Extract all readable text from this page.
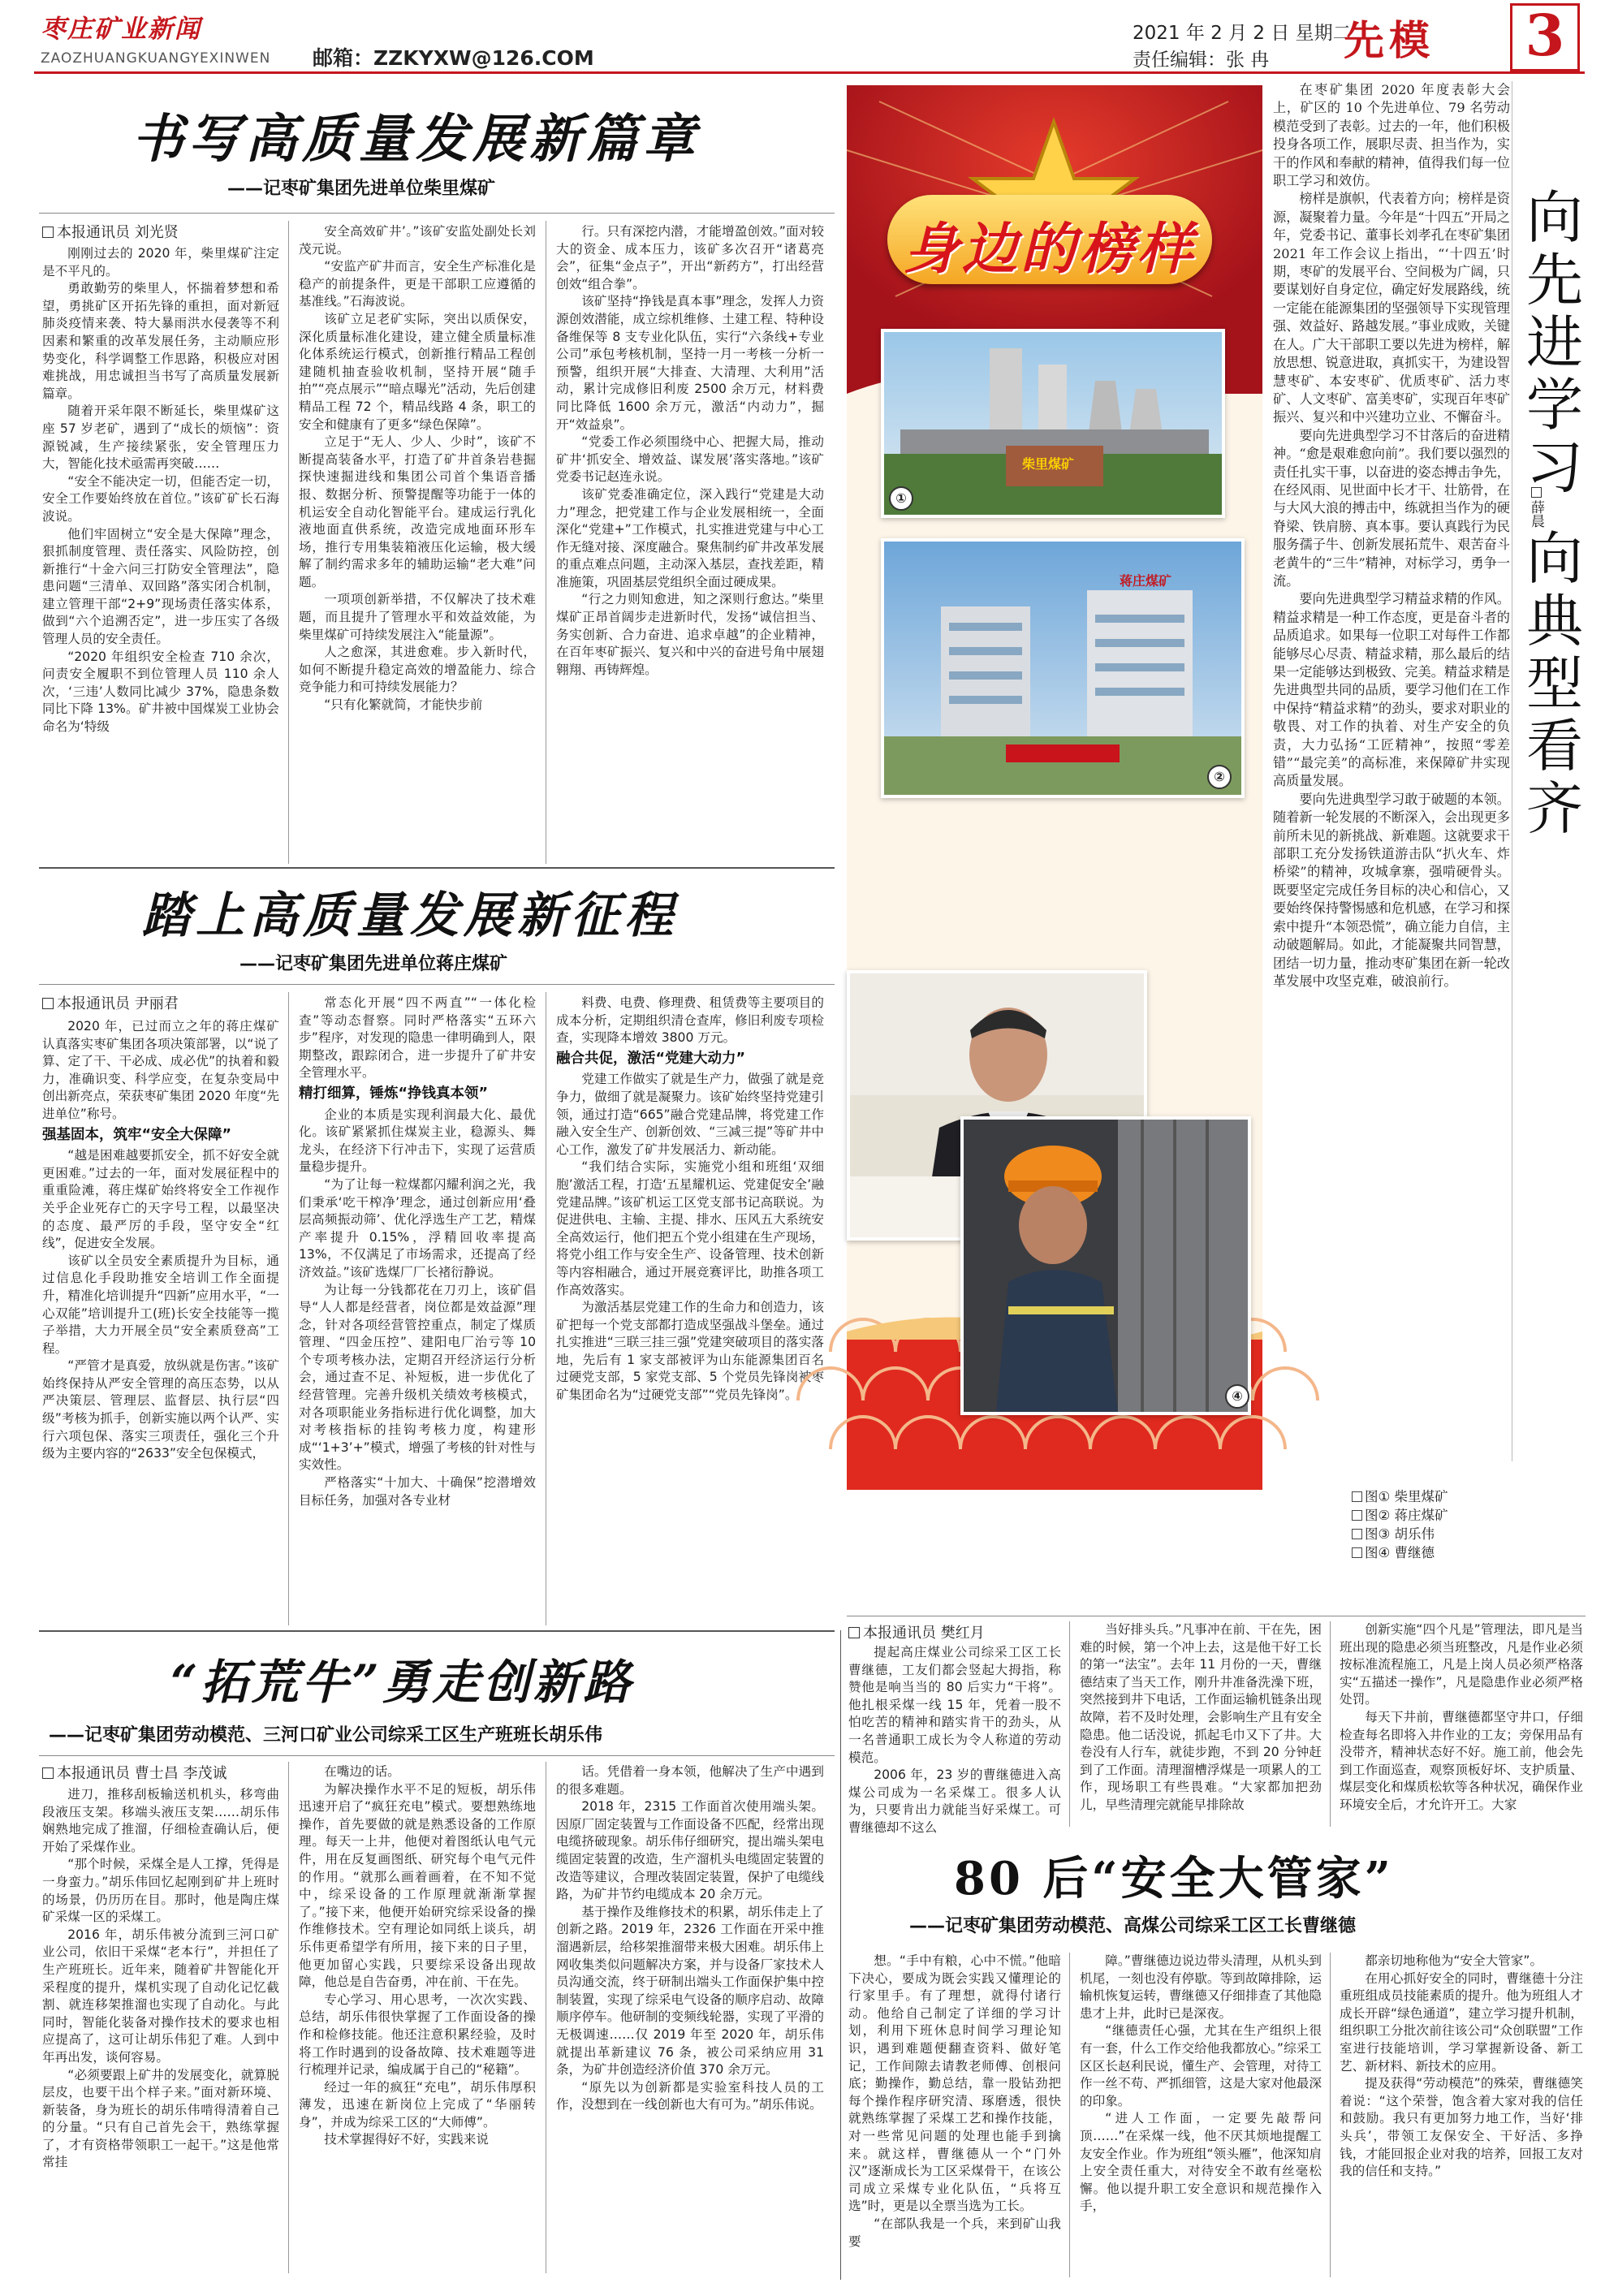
枣庄矿业新闻
ZAOZHUANGKUANGYEXINWEN 邮箱：ZZKYXW@126.COM
2021 年 2 月 2 日 星期二
责任编辑：张 冉 先模 3
书写高质量发展新篇章
——记枣矿集团先进单位柴里煤矿
本报通讯员 刘光贤

刚刚过去的 2020 年，柴里煤矿注定是不平凡的。

勇敢勤劳的柴里人，怀揣着梦想和希望，勇挑矿区开拓先锋的重担，面对新冠肺炎疫情来袭、特大暴雨洪水侵袭等不利因素和繁重的改革发展任务，主动顺应形势变化，科学调整工作思路，积极应对困难挑战，用忠诚担当书写了高质量发展新篇章。

随着开采年限不断延长，柴里煤矿这座 57 岁老矿，遇到了“成长的烦恼”：资源锐减，生产接续紧张，安全管理压力大，智能化技术亟需再突破……

“安全不能决定一切，但能否定一切，安全工作要始终放在首位。”该矿矿长石海波说。

他们牢固树立“安全是大保障”理念，狠抓制度管理、责任落实、风险防控，创新推行“十金六问三打防安全管理法”，隐患问题“三清单、双回路”落实闭合机制，建立管理干部“2+9”现场责任落实体系，做到“六个追溯否定”，进一步压实了各级管理人员的安全责任。

“2020 年组织安全检查 710 余次，问责安全履职不到位管理人员 110 余人次，‘三违’人数同比减少 37%，隐患条数同比下降 13%。矿井被中国煤炭工业协会命名为‘特级

安全高效矿井’。”该矿安监处副处长刘茂元说。

“安监产矿井而言，安全生产标准化是稳产的前提条件，更是干部职工应遵循的基准线。”石海波说。

该矿立足老矿实际，突出以质保安，深化质量标准化建设，建立健全质量标准化体系统运行模式，创新推行精品工程创建随机抽查验收机制，坚持开展“随手拍”“亮点展示”“暗点曝光”活动，先后创建精品工程 72 个，精品线路 4 条，职工的安全和健康有了更多“绿色保障”。

立足于“无人、少人、少时”，该矿不断提高装备水平，打造了矿井首条岩巷掘探快速掘进线和集团公司首个集语音播报、数据分析、预警提醒等功能于一体的机运安全自动化智能平台。建成运行乳化液地面直供系统，改造完成地面环形车场，推行专用集装箱液压化运输，极大缓解了制约需求多年的辅助运输“老大难”问题。

一项项创新举措，不仅解决了技术难题，而且提升了管理水平和效益效能，为柴里煤矿可持续发展注入“能量源”。

人之愈深，其进愈难。步入新时代，如何不断提升稳定高效的增盈能力、综合竞争能力和可持续发展能力？

“只有化繁就简，才能快步前

行。只有深挖内潜，才能增盈创效。”面对较大的资金、成本压力，该矿多次召开“诸葛亮会”，征集“金点子”，开出“新药方”，打出经营创效“组合拳”。

该矿坚持“挣钱是真本事”理念，发挥人力资源创效潜能，成立综机维修、土建工程、特种设备维保等 8 支专业化队伍，实行“六条线+专业公司”承包考核机制，坚持一月一考核一分析一预警，组织开展“大排查、大清理、大利用”活动，累计完成修旧利废 2500 余万元，材料费同比降低 1600 余万元，激活“内动力”，掘开“效益泉”。

“党委工作必须围绕中心、把握大局，推动矿井‘抓安全、增效益、谋发展’落实落地。”该矿党委书记赵连永说。

该矿党委准确定位，深入践行“党建是大动力”理念，把党建工作与企业发展相统一，全面深化“党建+”工作模式，扎实推进党建与中心工作无缝对接、深度融合。聚焦制约矿井改革发展的重点难点问题，主动深入基层，查找差距，精准施策，巩固基层党组织全面过硬成果。

“行之力则知愈进，知之深则行愈达。”柴里煤矿正昂首阔步走进新时代，发扬“诚信担当、务实创新、合力奋进、追求卓越”的企业精神，在百年枣矿振兴、复兴和中兴的奋进号角中展翅翱翔、再铸辉煌。

踏上高质量发展新征程
——记枣矿集团先进单位蒋庄煤矿
本报通讯员 尹丽君

2020 年，已过而立之年的蒋庄煤矿认真落实枣矿集团各项决策部署，以“说了算、定了干、干必成、成必优”的执着和毅力，准确识变、科学应变，在复杂变局中创出新亮点，荣获枣矿集团 2020 年度“先进单位”称号。

强基固本，筑牢“安全大保障”

“越是困难越要抓安全，抓不好安全就更困难。”过去的一年，面对发展征程中的重重险滩，蒋庄煤矿始终将安全工作视作关乎企业死存亡的天字号工程，以最坚决的态度、最严厉的手段，坚守安全“红线”，促进安全发展。

该矿以全员安全素质提升为目标，通过信息化手段助推安全培训工作全面提升，精准化培训提升“四新”应用水平，“一心双能”培训提升工(班)长安全技能等一揽子举措，大力开展全员“安全素质登高”工程。

“严管才是真爱，放纵就是伤害。”该矿始终保持从严安全管理的高压态势，以从严决策层、管理层、监督层、执行层“四级”考核为抓手，创新实施以两个认严、实行六项包保、落实三项责任，强化三个升级为主要内容的“2633”安全包保模式，

常态化开展“四不两直”“一体化检查”等动态督察。同时严格落实“五环六步”程序，对发现的隐患一律明确到人，限期整改，跟踪闭合，进一步提升了矿井安全管理水平。

精打细算，锤炼“挣钱真本领”

企业的本质是实现利润最大化、最优化。该矿紧紧抓住煤炭主业，稳源头、舞龙头，在经济下行冲击下，实现了运营质量稳步提升。

“为了让每一粒煤都闪耀利润之光，我们秉承‘吃干榨净’理念，通过创新应用‘叠层高频振动筛’、优化浮选生产工艺，精煤产率提升 0.15%，浮精回收率提高 13%，不仅满足了市场需求，还提高了经济效益。”该矿选煤厂厂长褚衍静说。

为让每一分钱都花在刀刃上，该矿倡导“人人都是经营者，岗位都是效益源”理念，针对各项经营管控重点，制定了煤质管理、“四金压控”、建阳电厂治亏等 10 个专项考核办法，定期召开经济运行分析会，通过查不足、补短板，进一步优化了经营管理。完善升级机关绩效考核模式，对各项职能业务指标进行优化调整，加大对考核指标的挂钩考核力度，构建形成“‘1+3’+”模式，增强了考核的针对性与实效性。

严格落实“十加大、十确保”挖潜增效目标任务，加强对各专业材

料费、电费、修理费、租赁费等主要项目的成本分析，定期组织清仓查库，修旧利废专项检查，实现降本增效 3800 万元。

融合共促，激活“党建大动力”

党建工作做实了就是生产力，做强了就是竞争力，做细了就是凝聚力。该矿始终坚持党建引领，通过打造“665”融合党建品牌，将党建工作融入安全生产、创新创效、“三减三提”等矿井中心工作，激发了矿井发展活力、新动能。

“我们结合实际，实施党小组和班组‘双细胞’激活工程，打造‘五星耀机运、党建促安全’融党建品牌。”该矿机运工区党支部书记高联说。为促进供电、主输、主提、排水、压风五大系统安全高效运行，他们把五个党小组建在生产现场，将党小组工作与安全生产、设备管理、技术创新等内容相融合，通过开展竞赛评比，助推各项工作高效落实。

为激活基层党建工作的生命力和创造力，该矿把每一个党支部都打造成坚强战斗堡垒。通过扎实推进“三联三挂三强”党建突破项目的落实落地，先后有 1 家支部被评为山东能源集团百名过硬党支部，5 家党支部、5 个党员先锋岗被枣矿集团命名为“过硬党支部”“党员先锋岗”。

“拓荒牛”勇走创新路
——记枣矿集团劳动模范、三河口矿业公司综采工区生产班班长胡乐伟
本报通讯员 曹士昌 李茂诚

进刀，推移刮板输送机机头，移弯曲段液压支架。移端头液压支架……胡乐伟娴熟地完成了推溜，仔细检查确认后，便开始了采煤作业。

“那个时候，采煤全是人工撑，凭得是一身蛮力。”胡乐伟回忆起刚到矿井上班时的场景，仍历历在目。那时，他是陶庄煤矿采煤一区的采煤工。

2016 年，胡乐伟被分流到三河口矿业公司，依旧干采煤“老本行”，并担任了生产班班长。近年来，随着矿井智能化开采程度的提升，煤机实现了自动化记忆截割、就连移架推溜也实现了自动化。与此同时，智能化装备对操作技术的要求也相应提高了，这可让胡乐伟犯了难。人到中年再出发，谈何容易。

“必须要跟上矿井的发展变化，就算脱层皮，也要干出个样子来。”面对新环境、新装备，身为班长的胡乐伟啃得清着自己的分量。“只有自己首先会干，熟练掌握了，才有资格带领职工一起干。”这是他常常挂

在嘴边的话。

为解决操作水平不足的短板，胡乐伟迅速开启了“疯狂充电”模式。要想熟练地操作，首先要做的就是熟悉设备的工作原理。每天一上井，他便对着图纸认电气元件，用在反复画图纸、研究每个电气元件的作用。“就那么画着画着，在不知不觉中，综采设备的工作原理就渐渐掌握了。”接下来，他便开始研究综采设备的操作维修技术。空有理论如同纸上谈兵，胡乐伟更希望学有所用，接下来的日子里，他更加留心实践，只要综采设备出现故障，他总是自告奋勇，冲在前、干在先。

专心学习、用心思考，一次次实践、总结，胡乐伟很快掌握了工作面设备的操作和检修技能。他还注意积累经验，及时将工作时遇到的设备故障、技术难题等进行梳理并记录，编成属于自己的“秘籍”。

经过一年的疯狂“充电”，胡乐伟厚积薄发，迅速在新岗位上完成了“华丽转身”，并成为综采工区的“大师傅”。

技术掌握得好不好，实践来说

话。凭借着一身本领，他解决了生产中遇到的很多难题。

2018 年，2315 工作面首次使用端头架。因原厂固定装置与工作面设备不匹配，经常出现电缆挤破现象。胡乐伟仔细研究，提出端头架电缆固定装置的改造，生产溜机头电缆固定装置的改造等建议，合理改装固定装置，保护了电缆线路，为矿井节约电缆成本 20 余万元。

基于操作及维修技术的积累，胡乐伟走上了创新之路。2019 年，2326 工作面在开采中推溜遇新层，给移架推溜带来极大困难。胡乐伟上网收集类似问题解决方案，并与设备厂家技术人员沟通交流，终于研制出端头工作面保护集中控制装置，实现了综采电气设备的顺序启动、故障顺序停车。他研制的变频线轮器，实现了平滑的无极调速……仅 2019 年至 2020 年，胡乐伟就提出革新建议 76 条，被公司采纳应用 31 条，为矿井创造经济价值 370 余万元。

“原先以为创新都是实验室科技人员的工作，没想到在一线创新也大有可为。”胡乐伟说。

身边的榜样
柴里煤矿
①
蒋庄煤矿
②
④
图① 柴里煤矿
图② 蒋庄煤矿
图③ 胡乐伟
图④ 曹继德

在枣矿集团 2020 年度表彰大会上，矿区的 10 个先进单位、79 名劳动模范受到了表彰。过去的一年，他们积极投身各项工作，展职尽责、担当作为，实干的作风和奉献的精神，值得我们每一位职工学习和效仿。

榜样是旗帜，代表着方向；榜样是资源，凝聚着力量。今年是“十四五”开局之年，党委书记、董事长刘孝孔在枣矿集团 2021 年工作会议上指出，“‘十四五’时期，枣矿的发展平台、空间极为广阔，只要谋划好自身定位，确定好发展路线，统一定能在能源集团的坚强领导下实现管理强、效益好、路越发展。”事业成败，关键在人。广大干部职工要以先进为榜样，解放思想、锐意进取，真抓实干，为建设智慧枣矿、本安枣矿、优质枣矿、活力枣矿、人文枣矿、富美枣矿，实现百年枣矿振兴、复兴和中兴建功立业、不懈奋斗。

要向先进典型学习不甘落后的奋进精神。“愈是艰难愈向前”。我们要以强烈的责任扎实干事，以奋进的姿态搏击争先，在经风雨、见世面中长才干、壮筋骨，在与大风大浪的搏击中，练就担当作为的硬脊梁、铁肩膀、真本事。要认真践行为民服务孺子牛、创新发展拓荒牛、艰苦奋斗老黄牛的“三牛”精神，对标学习，勇争一流。

要向先进典型学习精益求精的作风。精益求精是一种工作态度，更是奋斗者的品质追求。如果每一位职工对每件工作都能够尽心尽责、精益求精，那么最后的结果一定能够达到极致、完美。精益求精是先进典型共同的品质，要学习他们在工作中保持“精益求精”的劲头，要求对职业的敬畏、对工作的执着、对生产安全的负责，大力弘扬“工匠精神”，按照“零差错”“最完美”的高标准，来保障矿井实现高质量发展。

要向先进典型学习敢于破题的本领。随着新一轮发展的不断深入，会出现更多前所未见的新挑战、新难题。这就要求干部职工充分发扬铁道游击队“扒火车、炸桥梁”的精神，攻城拿寨，强啃硬骨头。既要坚定完成任务目标的决心和信心，又要始终保持警惕感和危机感，在学习和探索中提升“本领恐慌”，确立能力自信，主动破题解局。如此，才能凝聚共同智慧，团结一切力量，推动枣矿集团在新一轮改革发展中攻坚克难，破浪前行。

向
先
进
学
习
薛晨
向
典
型
看
齐
本报通讯员 樊红月

提起高庄煤业公司综采工区工长曹继德，工友们都会竖起大拇指，称赞他是响当当的 80 后实力“干将”。他扎根采煤一线 15 年，凭着一股不怕吃苦的精神和踏实肯干的劲头，从一名普通职工成长为令人称道的劳动模范。

2006 年，23 岁的曹继德进入高煤公司成为一名采煤工。很多人认为，只要肯出力就能当好采煤工。可曹继德却不这么

当好排头兵。”凡事冲在前、干在先，困难的时候，第一个冲上去，这是他干好工长的第一“法宝”。去年 11 月份的一天，曹继德结束了当天工作，刚升井准备洗澡下班，突然接到井下电话，工作面运输机链条出现故障，若不及时处理，会影响生产且有安全隐患。他二话没说，抓起毛巾又下了井。大卷没有人行车，就徒步跑，不到 20 分钟赶到了工作面。清理溜槽浮煤是一项累人的工作，现场职工有些畏难。“大家都加把劲儿，早些清理完就能早排除故

创新实施“四个凡是”管理法，即凡是当班出现的隐患必须当班整改，凡是作业必须按标准流程施工，凡是上岗人员必须严格落实“五描述一操作”，凡是隐患作业必须严格处罚。

每天下井前，曹继德都坚守井口，仔细检查每名即将入井作业的工友；旁保用品有没带齐，精神状态好不好。施工前，他会先到工作面巡查，观察顶板好坏、支护质量、煤层变化和煤质松软等各种状况，确保作业环境安全后，才允许开工。大家

80 后“安全大管家”
——记枣矿集团劳动模范、高煤公司综采工区工长曹继德

想。“手中有粮，心中不慌。”他暗下决心，要成为既会实践又懂理论的行家里手。有了理想，就得付诸行动。他给自己制定了详细的学习计划，利用下班休息时间学习理论知识，遇到难题便翻查资料、做好笔记，工作间隙去请教老师傅、创根问底；勤操作，勤总结，靠一股钻劲把每个操作程序研究清、琢磨透，很快就熟练掌握了采煤工艺和操作技能，对一些常见问题的处理也能手到擒来。就这样，曹继德从一个“门外汉”逐渐成长为工区采煤骨干，在该公司成立采煤专业化队伍，“兵将互选”时，更是以全票当选为工长。

“在部队我是一个兵，来到矿山我要

障。”曹继德边说边带头清理，从机头到机尾，一刻也没有停歇。等到故障排除，运输机恢复运转，曹继德又仔细排查了其他隐患才上井，此时已是深夜。

“继德责任心强，尤其在生产组织上很有一套，什么工作交给他我都放心。”综采工区区长赵利民说，懂生产、会管理，对待工作一丝不苟、严抓细管，这是大家对他最深的印象。

“进人工作面，一定要先敲帮问顶……”在采煤一线，他不厌其烦地提醒工友安全作业。作为班组“领头雁”，他深知肩上安全责任重大，对待安全不敢有丝毫松懈。他以提升职工安全意识和规范操作入手，

都亲切地称他为“安全大管家”。

在用心抓好安全的同时，曹继德十分注重班组成员技能素质的提升。他为班组人才成长开辟“绿色通道”，建立学习提升机制，组织职工分批次前往该公司“众创联盟”工作室进行技能培训，学习掌握新设备、新工艺、新材料、新技术的应用。

提及获得“劳动模范”的殊荣，曹继德笑着说：“这个荣誉，饱含着大家对我的信任和鼓励。我只有更加努力地工作，当好‘排头兵’，带领工友保安全、干好活、多挣钱，才能回报企业对我的培养，回报工友对我的信任和支持。”
